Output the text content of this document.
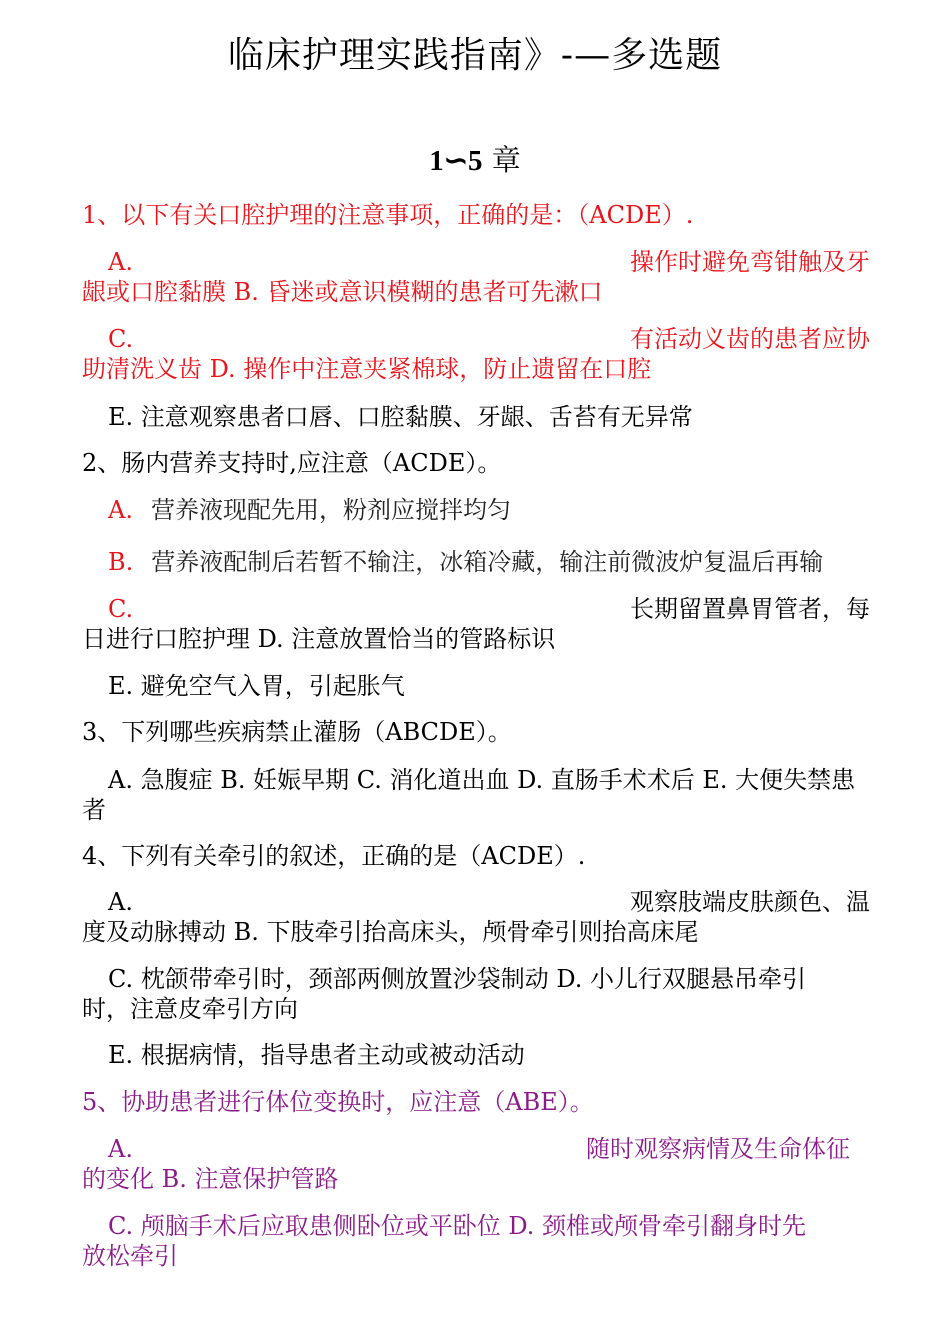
临床护理实践指南》-—多选题
1∽5 章
1、以下有关口腔护理的注意事项，正确的是：（ACDE）.
A.	操作时避免弯钳触及牙
龈或口腔黏膜 B. 昏迷或意识模糊的患者可先漱口
C.	有活动义齿的患者应协
助清洗义齿 D. 操作中注意夹紧棉球，防止遗留在口腔
E. 注意观察患者口唇、口腔黏膜、牙龈、舌苔有无异常
2、肠内营养支持时,应注意（ACDE）。
A. 营养液现配先用，粉剂应搅拌均匀
B. 营养液配制后若暂不输注，冰箱冷藏，输注前微波炉复温后再输
C.	长期留置鼻胃管者，每
日进行口腔护理 D. 注意放置恰当的管路标识
E. 避免空气入胃，引起胀气
3、下列哪些疾病禁止灌肠（ABCDE）。
A. 急腹症 B. 妊娠早期 C. 消化道出血 D. 直肠手术术后 E. 大便失禁患
者
4、下列有关牵引的叙述，正确的是（ACDE）.
A.	观察肢端皮肤颜色、温
度及动脉搏动 B. 下肢牵引抬高床头，颅骨牵引则抬高床尾
C. 枕颌带牵引时，颈部两侧放置沙袋制动 D. 小儿行双腿悬吊牵引
时，注意皮牵引方向
E. 根据病情，指导患者主动或被动活动
5、协助患者进行体位变换时，应注意（ABE）。
A.	随时观察病情及生命体征
的变化 B. 注意保护管路
C. 颅脑手术后应取患侧卧位或平卧位 D. 颈椎或颅骨牵引翻身时先
放松牵引
